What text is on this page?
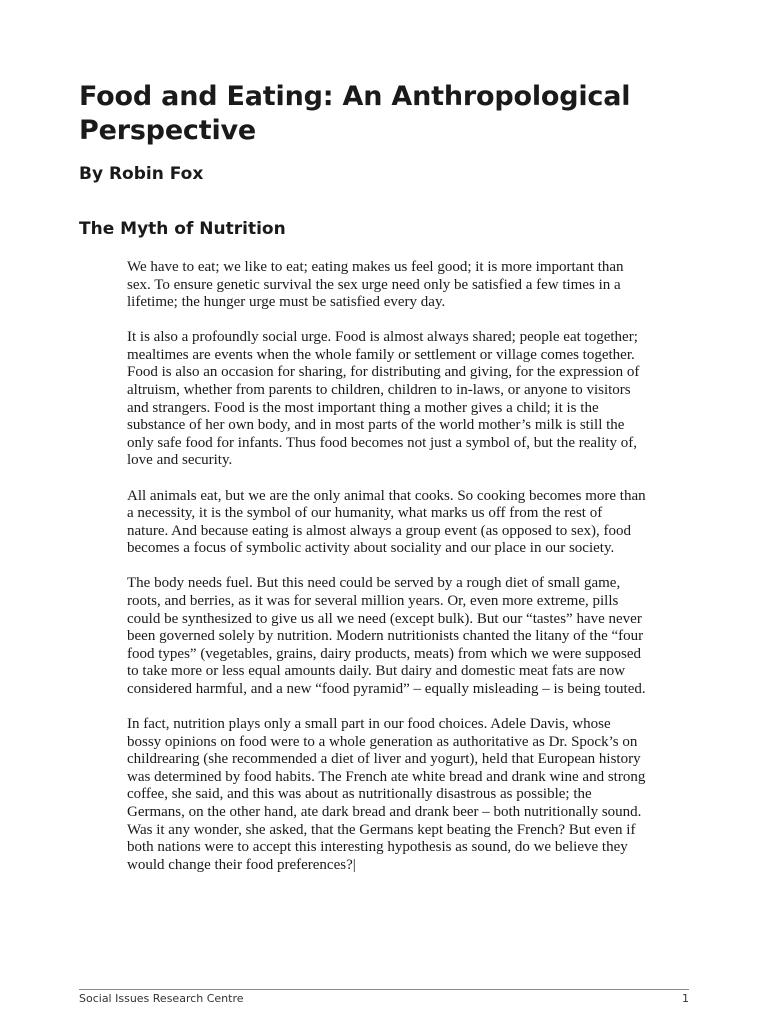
Food and Eating: An Anthropological Perspective
By Robin Fox
The Myth of Nutrition

We have to eat; we like to eat; eating makes us feel good; it is more important than sex. To ensure genetic survival the sex urge need only be satisfied a few times in a lifetime; the hunger urge must be satisfied every day.

It is also a profoundly social urge. Food is almost always shared; people eat together; mealtimes are events when the whole family or settlement or village comes together. Food is also an occasion for sharing, for distributing and giving, for the expression of altruism, whether from parents to children, children to in-laws, or anyone to visitors and strangers. Food is the most important thing a mother gives a child; it is the substance of her own body, and in most parts of the world mother’s milk is still the only safe food for infants. Thus food becomes not just a symbol of, but the reality of, love and security.

All animals eat, but we are the only animal that cooks. So cooking becomes more than a necessity, it is the symbol of our humanity, what marks us off from the rest of nature. And because eating is almost always a group event (as opposed to sex), food becomes a focus of symbolic activity about sociality and our place in our society.

The body needs fuel. But this need could be served by a rough diet of small game, roots, and berries, as it was for several million years. Or, even more extreme, pills could be synthesized to give us all we need (except bulk). But our “tastes” have never been governed solely by nutrition. Modern nutritionists chanted the litany of the “four food types” (vegetables, grains, dairy products, meats) from which we were supposed to take more or less equal amounts daily. But dairy and domestic meat fats are now considered harmful, and a new “food pyramid” – equally misleading – is being touted.

In fact, nutrition plays only a small part in our food choices. Adele Davis, whose bossy opinions on food were to a whole generation as authoritative as Dr. Spock’s on childrearing (she recommended a diet of liver and yogurt), held that European history was determined by food habits. The French ate white bread and drank wine and strong coffee, she said, and this was about as nutritionally disastrous as possible; the Germans, on the other hand, ate dark bread and drank beer – both nutritionally sound. Was it any wonder, she asked, that the Germans kept beating the French? But even if both nations were to accept this interesting hypothesis as sound, do we believe they would change their food preferences?|

Social Issues Research Centre	1
